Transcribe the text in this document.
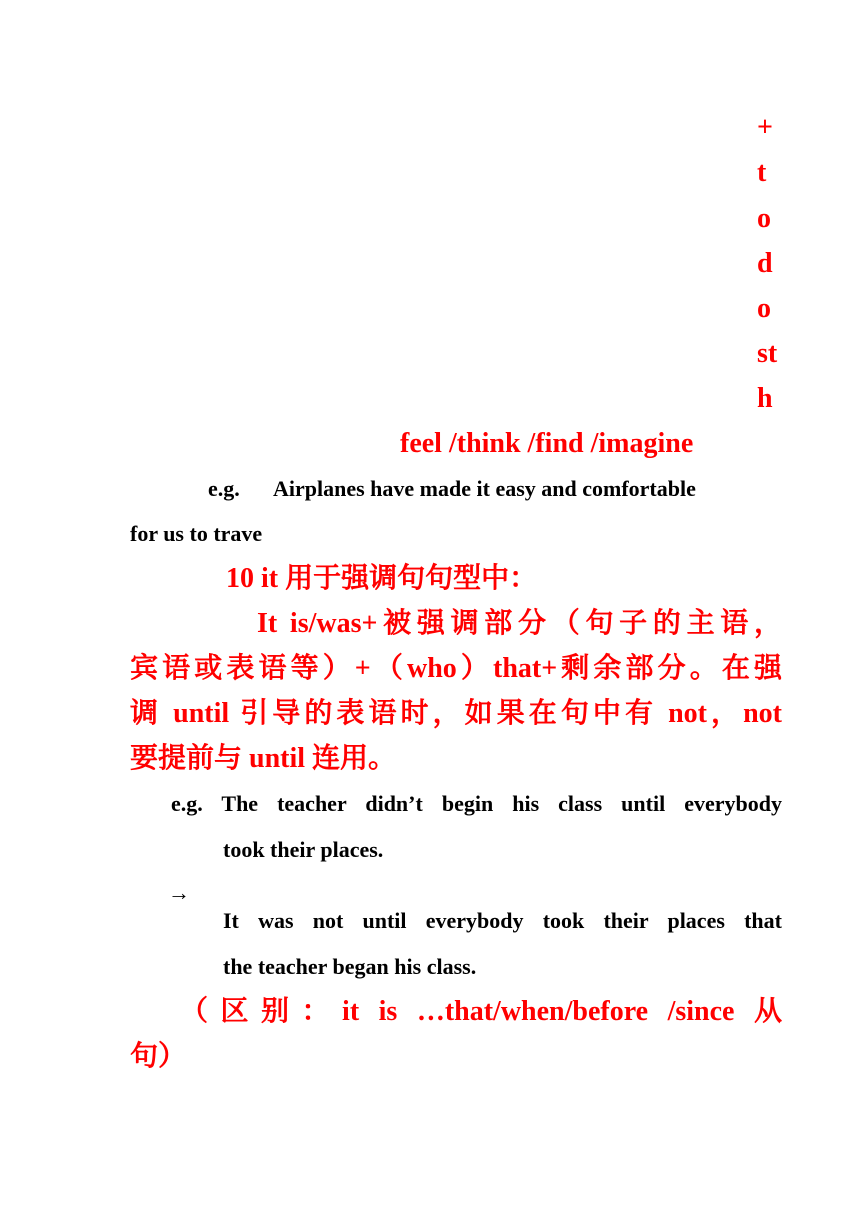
+
t
o
d
o
st
h
feel /think /find /imagine
e.g. Airplanes have made it easy and comfortable
for us to trave
10 it 用于强调句句型中：
It is/was+被强调部分（句子的主语，
宾语或表语等）+（who）that+剩余部分。在强
调 until 引导的表语时，如果在句中有 not，not
要提前与 until 连用。
e.g. The teacher didn’t begin his class until everybody
took their places.
→
It was not until everybody took their places that
the teacher began his class.
（区别：it is …that/when/before /since 从
句）
